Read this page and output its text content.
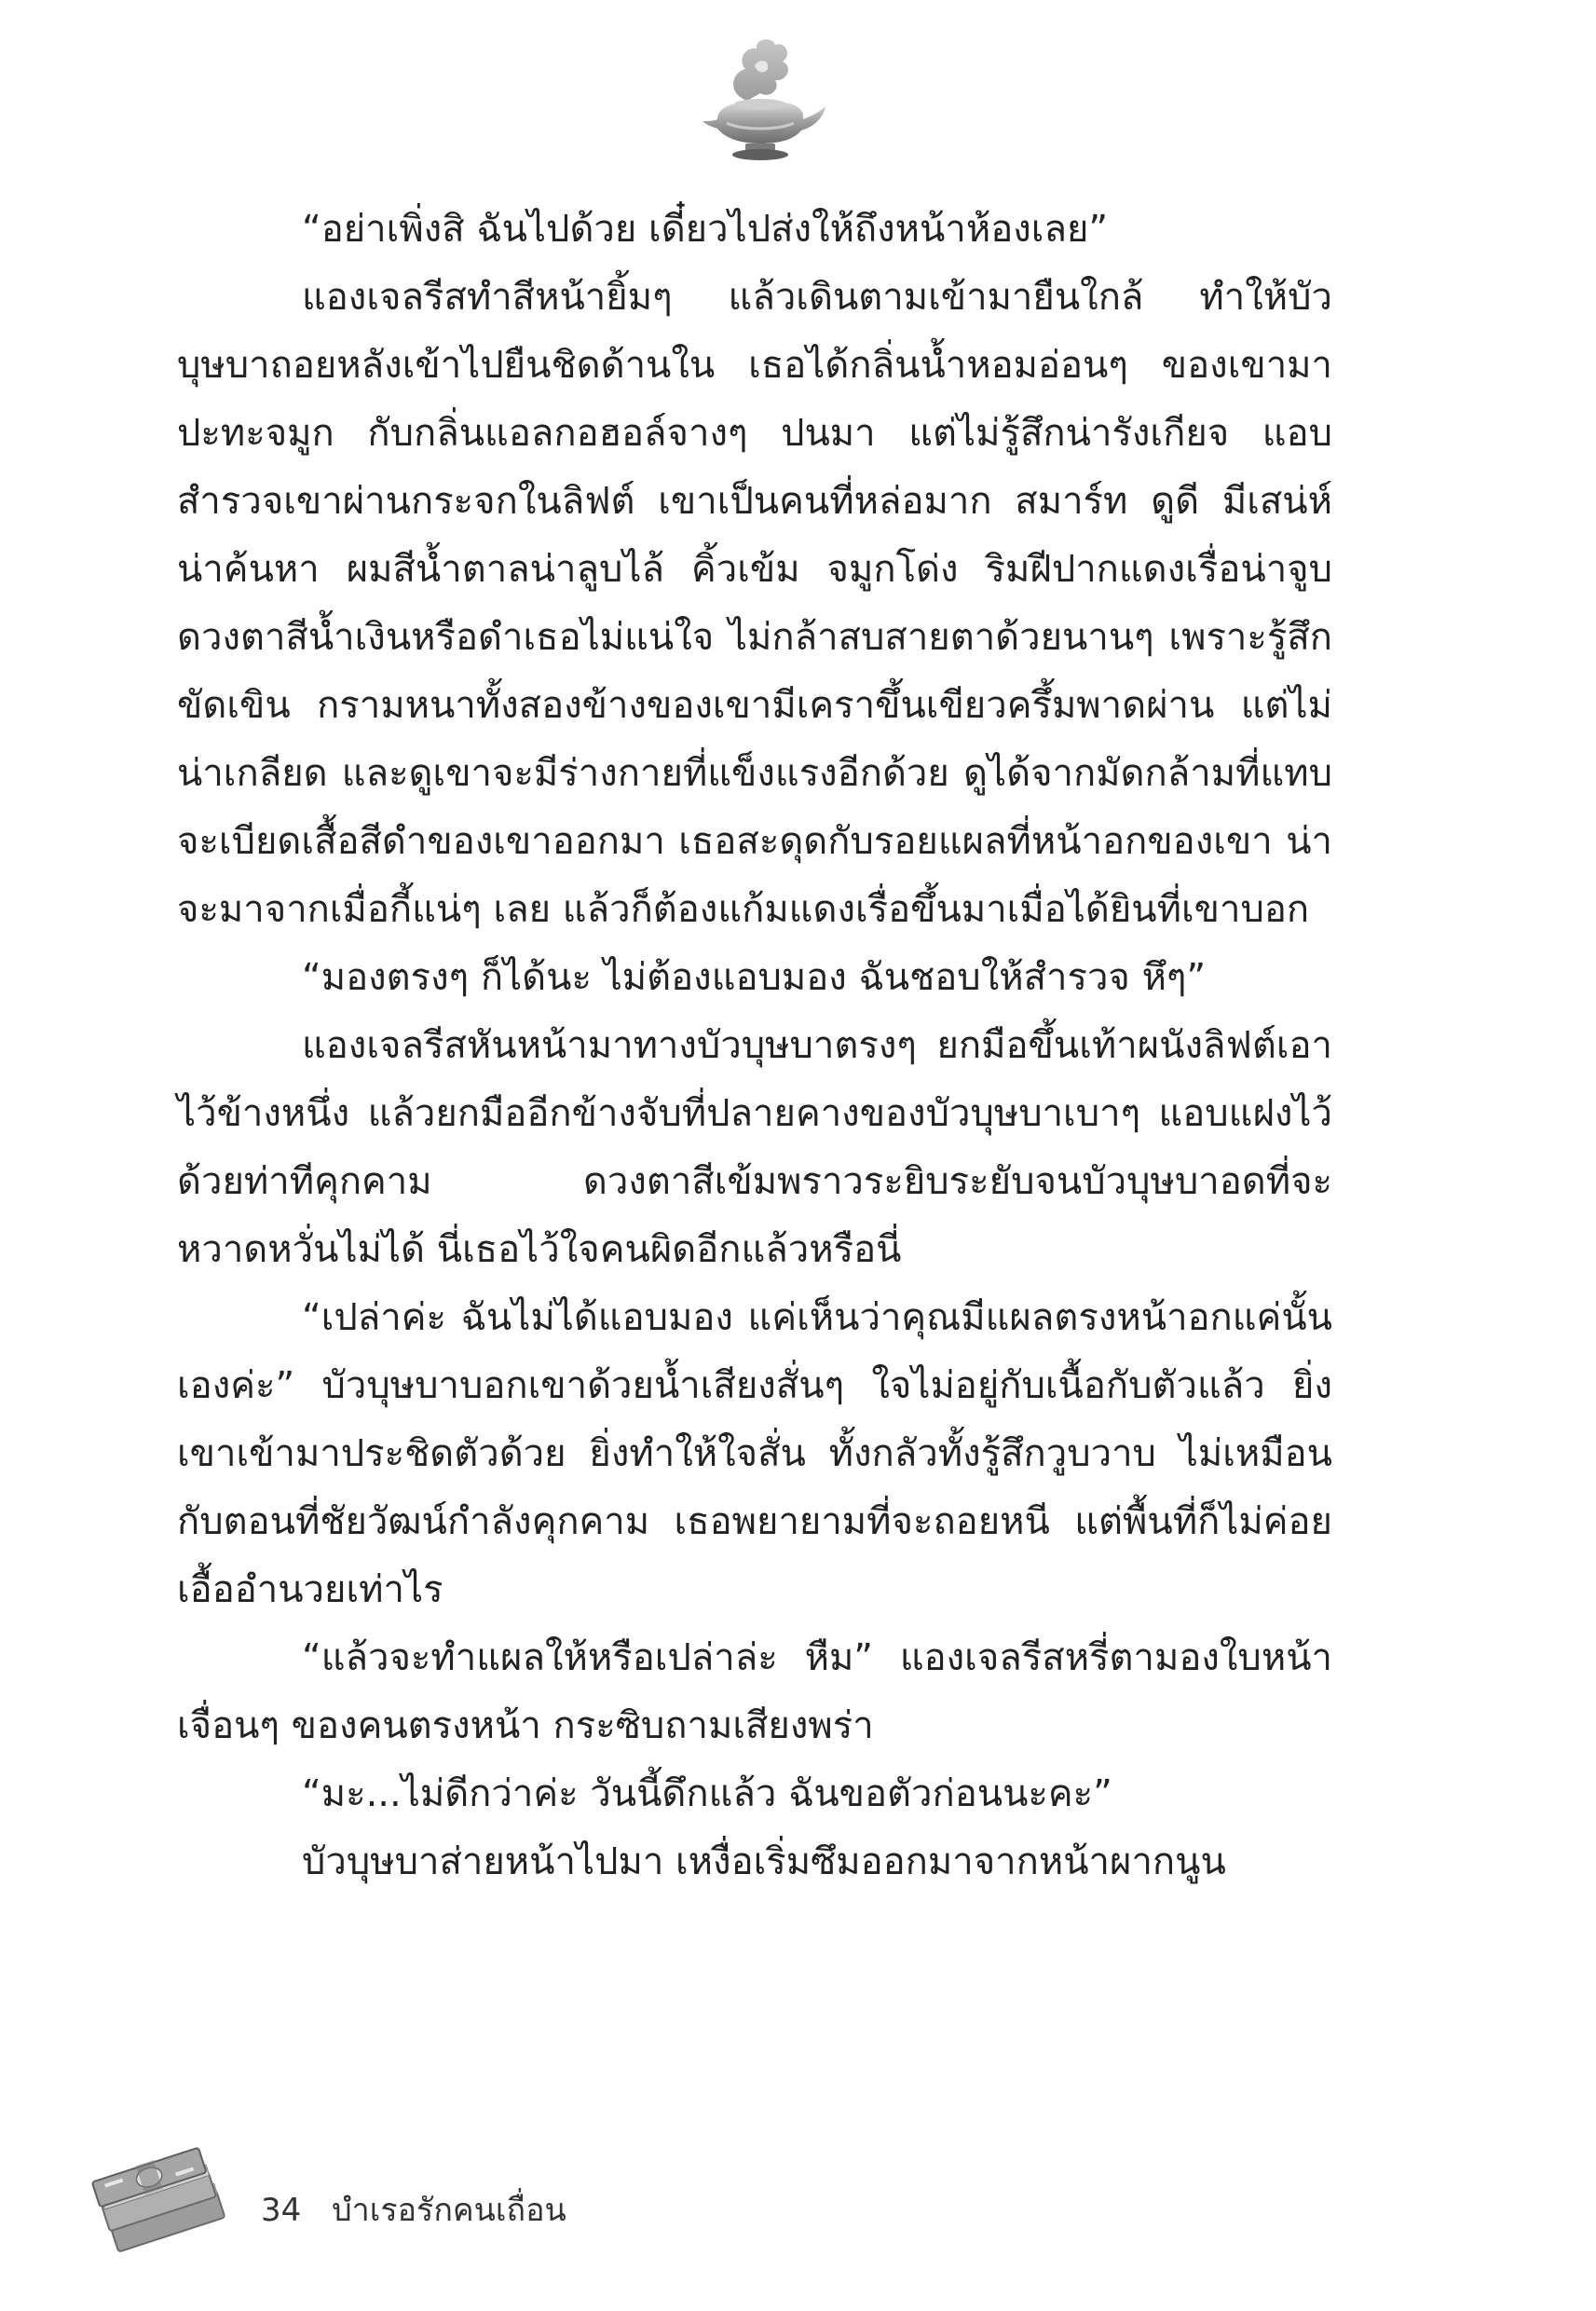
“อย่าเพิ่งสิ ฉันไปด้วย เดี๋ยวไปส่งให้ถึงหน้าห้องเลย”

แองเจลรีสทำสีหน้ายิ้มๆ แล้วเดินตามเข้ามายืนใกล้ ทำให้บัวบุษบาถอยหลังเข้าไปยืนชิดด้านใน เธอได้กลิ่นน้ำหอมอ่อนๆ ของเขามาปะทะจมูก กับกลิ่นแอลกอฮอล์จางๆ ปนมา แต่ไม่รู้สึกน่ารังเกียจ แอบสำรวจเขาผ่านกระจกในลิฟต์ เขาเป็นคนที่หล่อมาก สมาร์ท ดูดี มีเสน่ห์ น่าค้นหา ผมสีน้ำตาลน่าลูบไล้ คิ้วเข้ม จมูกโด่ง ริมฝีปากแดงเรื่อน่าจูบ ดวงตาสีน้ำเงินหรือดำเธอไม่แน่ใจ ไม่กล้าสบสายตาด้วยนานๆ เพราะรู้สึกขัดเขิน กรามหนาทั้งสองข้างของเขามีเคราขึ้นเขียวครึ้มพาดผ่าน แต่ไม่น่าเกลียด และดูเขาจะมีร่างกายที่แข็งแรงอีกด้วย ดูได้จากมัดกล้ามที่แทบจะเบียดเสื้อสีดำของเขาออกมา เธอสะดุดกับรอยแผลที่หน้าอกของเขา น่าจะมาจากเมื่อกี้แน่ๆ เลย แล้วก็ต้องแก้มแดงเรื่อขึ้นมาเมื่อได้ยินที่เขาบอก

“มองตรงๆ ก็ได้นะ ไม่ต้องแอบมอง ฉันชอบให้สำรวจ หึๆ”

แองเจลรีสหันหน้ามาทางบัวบุษบาตรงๆ ยกมือขึ้นเท้าผนังลิฟต์เอาไว้ข้างหนึ่ง แล้วยกมืออีกข้างจับที่ปลายคางของบัวบุษบาเบาๆ แอบแฝงไว้ด้วยท่าทีคุกคาม ดวงตาสีเข้มพราวระยิบระยับจนบัวบุษบาอดที่จะหวาดหวั่นไม่ได้ นี่เธอไว้ใจคนผิดอีกแล้วหรือนี่

“เปล่าค่ะ ฉันไม่ได้แอบมอง แค่เห็นว่าคุณมีแผลตรงหน้าอกแค่นั้นเองค่ะ” บัวบุษบาบอกเขาด้วยน้ำเสียงสั่นๆ ใจไม่อยู่กับเนื้อกับตัวแล้ว ยิ่งเขาเข้ามาประชิดตัวด้วย ยิ่งทำให้ใจสั่น ทั้งกลัวทั้งรู้สึกวูบวาบ ไม่เหมือนกับตอนที่ชัยวัฒน์กำลังคุกคาม เธอพยายามที่จะถอยหนี แต่พื้นที่ก็ไม่ค่อยเอื้ออำนวยเท่าไร

“แล้วจะทำแผลให้หรือเปล่าล่ะ หืม” แองเจลรีสหรี่ตามองใบหน้าเจื่อนๆ ของคนตรงหน้า กระซิบถามเสียงพร่า

“มะ...ไม่ดีกว่าค่ะ วันนี้ดึกแล้ว ฉันขอตัวก่อนนะคะ”

บัวบุษบาส่ายหน้าไปมา เหงื่อเริ่มซึมออกมาจากหน้าผากนูน

34 บำเรอรักคนเถื่อน
